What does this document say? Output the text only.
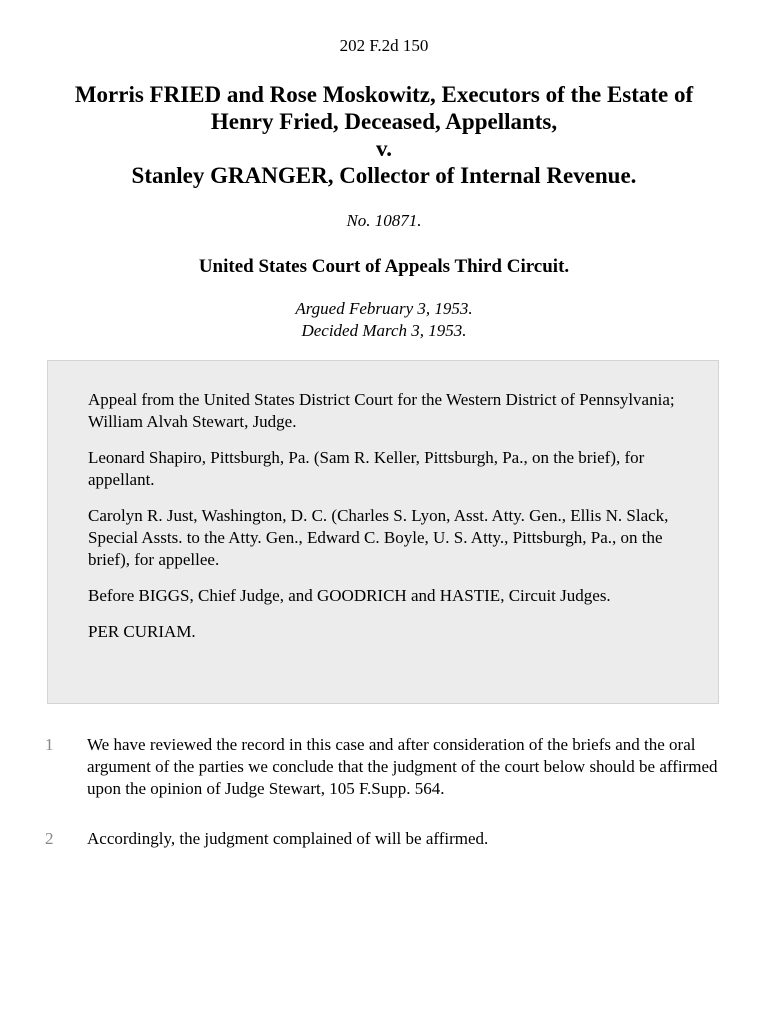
202 F.2d 150
Morris FRIED and Rose Moskowitz, Executors of the Estate of
Henry Fried, Deceased, Appellants,
v.
Stanley GRANGER, Collector of Internal Revenue.
No. 10871.
United States Court of Appeals Third Circuit.
Argued February 3, 1953.
Decided March 3, 1953.

Appeal from the United States District Court for the Western District of Pennsylvania; William Alvah Stewart, Judge.

Leonard Shapiro, Pittsburgh, Pa. (Sam R. Keller, Pittsburgh, Pa., on the brief), for appellant.

Carolyn R. Just, Washington, D. C. (Charles S. Lyon, Asst. Atty. Gen., Ellis N. Slack, Special Assts. to the Atty. Gen., Edward C. Boyle, U. S. Atty., Pittsburgh, Pa., on the brief), for appellee.

Before BIGGS, Chief Judge, and GOODRICH and HASTIE, Circuit Judges.

PER CURIAM.

1 We have reviewed the record in this case and after consideration of the briefs and the oral argument of the parties we conclude that the judgment of the court below should be affirmed upon the opinion of Judge Stewart, 105 F.Supp. 564.
2 Accordingly, the judgment complained of will be affirmed.
